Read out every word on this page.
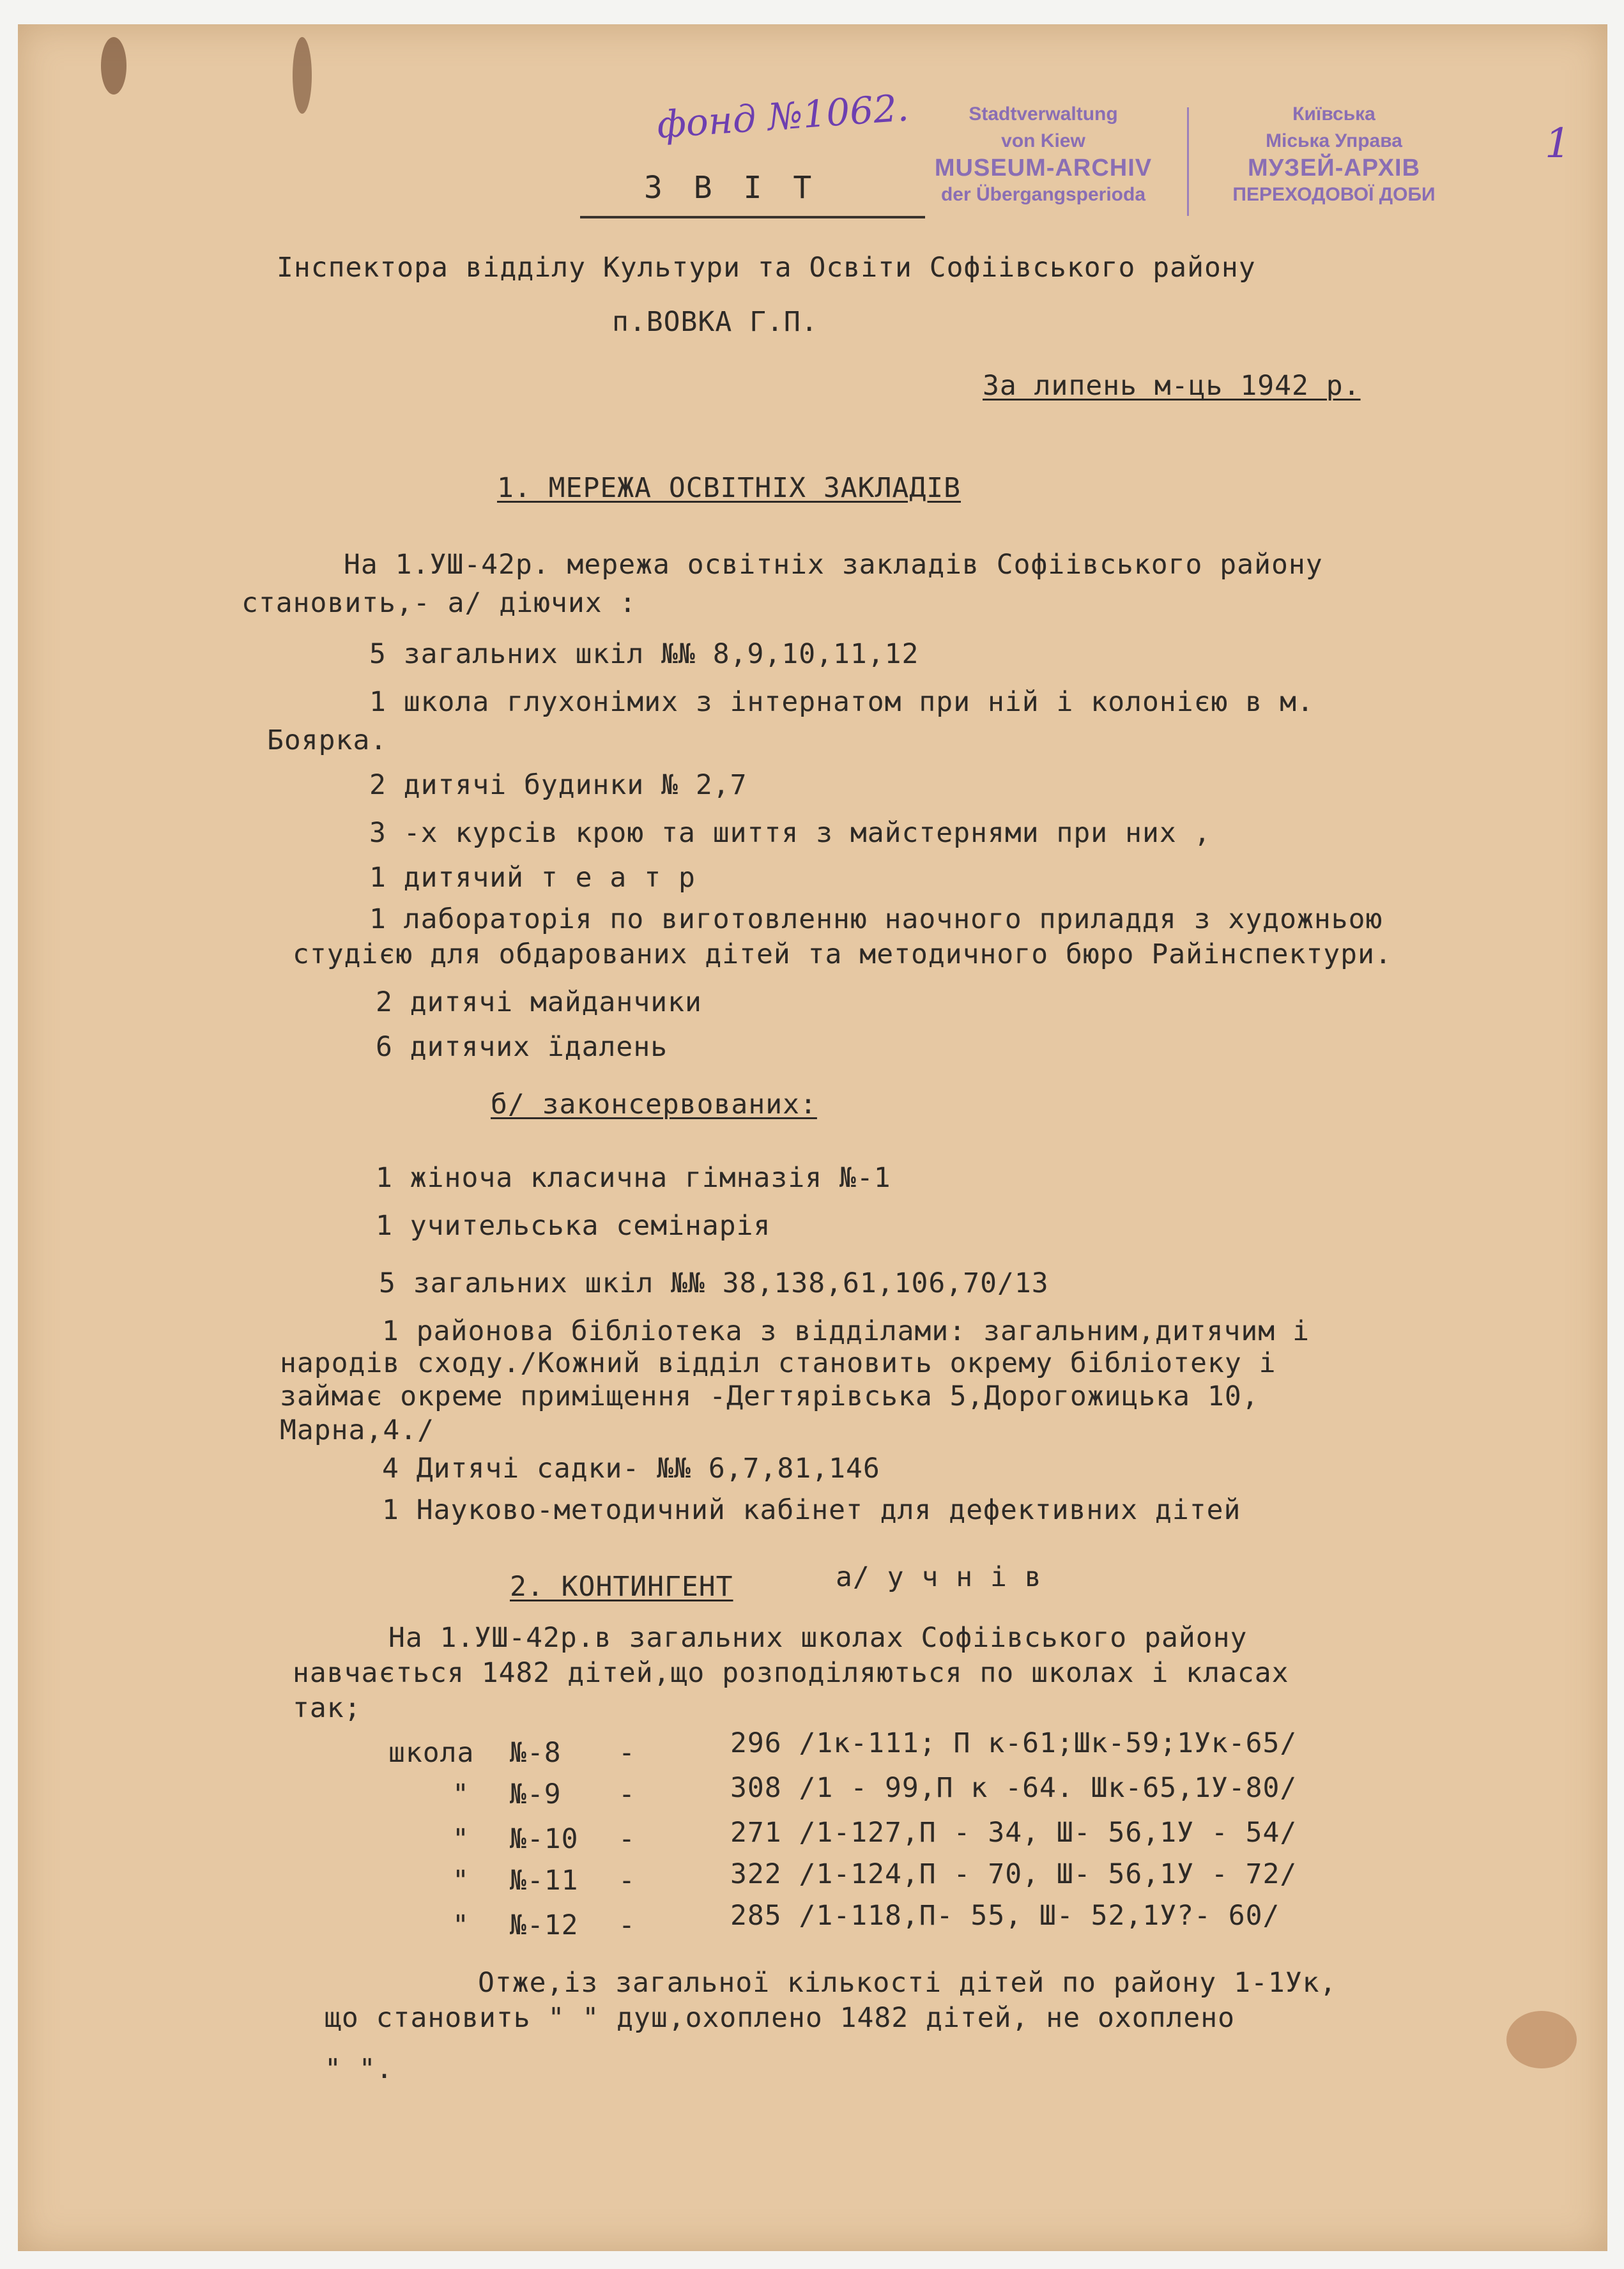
фонд №1062.	1
Stadtverwaltung
von Kiew
MUSEUM-ARCHIV
der Übergangsperioda
Київська
Міська Управа
МУЗЕЙ-АРХІВ
ПЕРЕХОДОВОЇ ДОБИ
З В І Т
Інспектора відділу Культури та Освіти Софіівського району
п.ВОВКА Г.П.
За липень м-ць 1942 р.
1. МЕРЕЖА ОСВІТНІХ ЗАКЛАДІВ
На 1.УШ-42р. мережа освітніх закладів Софіівського району
становить,- а/ діючих :
5 загальних шкіл №№ 8,9,10,11,12
1 школа глухонімих з інтернатом при ній і колонією в м.
Боярка.
2 дитячі будинки № 2,7
3 -х курсів крою та шиття з майстернями при них ,
1 дитячий т е а т р
1 лабораторія по виготовленню наочного приладдя з художньою
студією для обдарованих дітей та методичного бюро Райінспектури.
2 дитячі майданчики
6 дитячих їдалень
б/ законсервованих:
1 жіноча класична гімназія №-1
1 учительська семінарія
5 загальних шкіл №№ 38,138,61,106,70/13
1 районова бібліотека з відділами: загальним,дитячим і
народів сходу./Кожний відділ становить окрему бібліотеку і
займає окреме приміщення -Дегтярівська 5,Дорогожицька 10,
Марна,4./
4 Дитячі садки- №№ 6,7,81,146
1 Науково-методичний кабінет для дефективних дітей
2. КОНТИНГЕНТ	а/ у ч н і в
На 1.УШ-42р.в загальних школах Софіівського району
навчається 1482 дітей,що розподіляються по школах і класах
так;
школа №-8 -	296 /1к-111; П к-61;Шк-59;1Ук-65/
" №-9 -	308 /1 - 99,П к -64. Шк-65,1У-80/
" №-10 -	271 /1-127,П - 34, Ш- 56,1У - 54/
" №-11 -	322 /1-124,П - 70, Ш- 56,1У - 72/
" №-12 -	285 /1-118,П- 55, Ш- 52,1У?- 60/
Отже,із загальної кількості дітей по району 1-1Ук,
що становить " " душ,охоплено 1482 дітей, не охоплено
" ".
